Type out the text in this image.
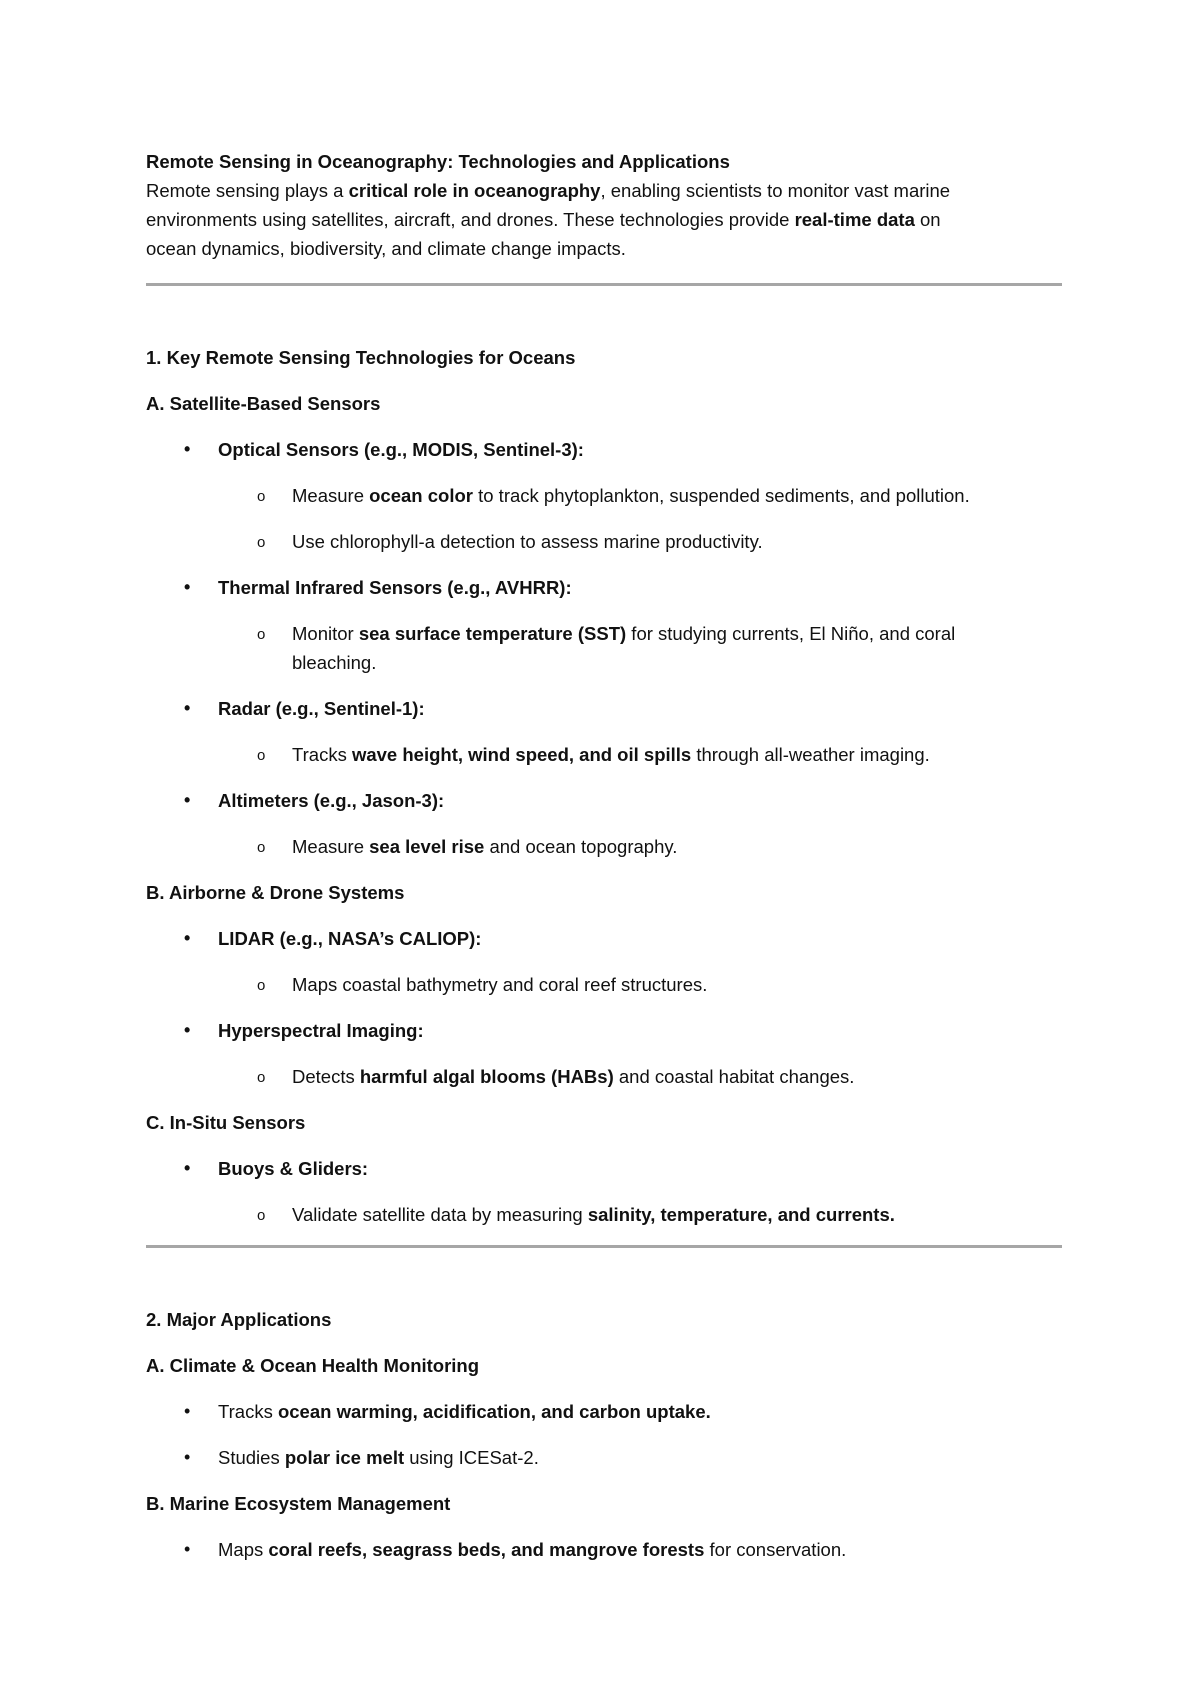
Remote Sensing in Oceanography: Technologies and Applications

Remote sensing plays a critical role in oceanography, enabling scientists to monitor vast marine

environments using satellites, aircraft, and drones. These technologies provide real-time data on

ocean dynamics, biodiversity, and climate change impacts.

1. Key Remote Sensing Technologies for Oceans

A. Satellite-Based Sensors

• Optical Sensors (e.g., MODIS, Sentinel-3):

o Measure ocean color to track phytoplankton, suspended sediments, and pollution.

o Use chlorophyll-a detection to assess marine productivity.

• Thermal Infrared Sensors (e.g., AVHRR):

o Monitor sea surface temperature (SST) for studying currents, El Niño, and coral

bleaching.

• Radar (e.g., Sentinel-1):

o Tracks wave height, wind speed, and oil spills through all-weather imaging.

• Altimeters (e.g., Jason-3):

o Measure sea level rise and ocean topography.

B. Airborne & Drone Systems

• LIDAR (e.g., NASA’s CALIOP):

o Maps coastal bathymetry and coral reef structures.

• Hyperspectral Imaging:

o Detects harmful algal blooms (HABs) and coastal habitat changes.

C. In-Situ Sensors

• Buoys & Gliders:

o Validate satellite data by measuring salinity, temperature, and currents.

2. Major Applications

A. Climate & Ocean Health Monitoring

• Tracks ocean warming, acidification, and carbon uptake.

• Studies polar ice melt using ICESat-2.

B. Marine Ecosystem Management

• Maps coral reefs, seagrass beds, and mangrove forests for conservation.
